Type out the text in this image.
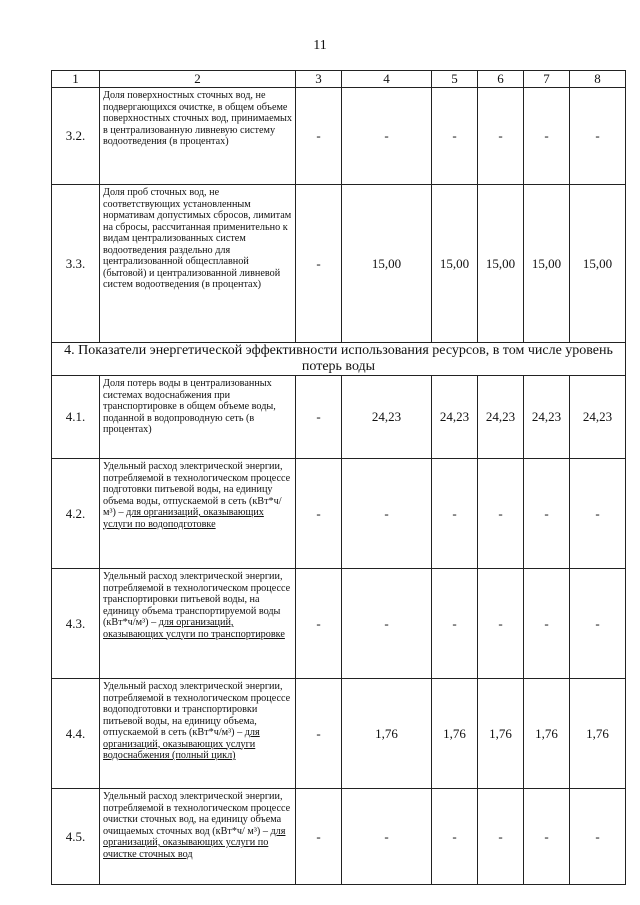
11
1	2	3	4	5	6	7	8
3.2.	Доля поверхностных сточных вод, не подвергающихся очистке, в общем объеме поверхностных сточных вод, принимаемых в централизованную ливневую систему водоотведения (в процентах)	-	-	-	-	-	-
3.3.	Доля проб сточных вод, не соответствующих установленным нормативам допустимых сбросов, лимитам на сбросы, рассчитанная применительно к видам централизованных систем водоотведения раздельно для централизованной общесплавной (бытовой) и централизованной ливневой систем водоотведения (в процентах)	-	15,00	15,00	15,00	15,00	15,00
4. Показатели энергетической эффективности использования ресурсов, в том числе уровень потерь воды							
4.1.	Доля потерь воды в централизованных системах водоснабжения при транспортировке в общем объеме воды, поданной в водопроводную сеть (в процентах)	-	24,23	24,23	24,23	24,23	24,23
4.2.	Удельный расход электрической энергии, потребляемой в технологическом процессе подготовки питьевой воды, на единицу объема воды, отпускаемой в сеть (кВт*ч/м³) – для организаций, оказывающих услуги по водоподготовке	-	-	-	-	-	-
4.3.	Удельный расход электрической энергии, потребляемой в технологическом процессе транспортировки питьевой воды, на единицу объема транспортируемой воды (кВт*ч/м³) – для организаций, оказывающих услуги по транспортировке	-	-	-	-	-	-
4.4.	Удельный расход электрической энергии, потребляемой в технологическом процессе водоподготовки и транспортировки питьевой воды, на единицу объема, отпускаемой в сеть (кВт*ч/м³) – для организаций, оказывающих услуги водоснабжения (полный цикл)	-	1,76	1,76	1,76	1,76	1,76
4.5.	Удельный расход электрической энергии, потребляемой в технологическом процессе очистки сточных вод, на единицу объема очищаемых сточных вод (кВт*ч/ м³) – для организаций, оказывающих услуги по очистке сточных вод	-	-	-	-	-	-
